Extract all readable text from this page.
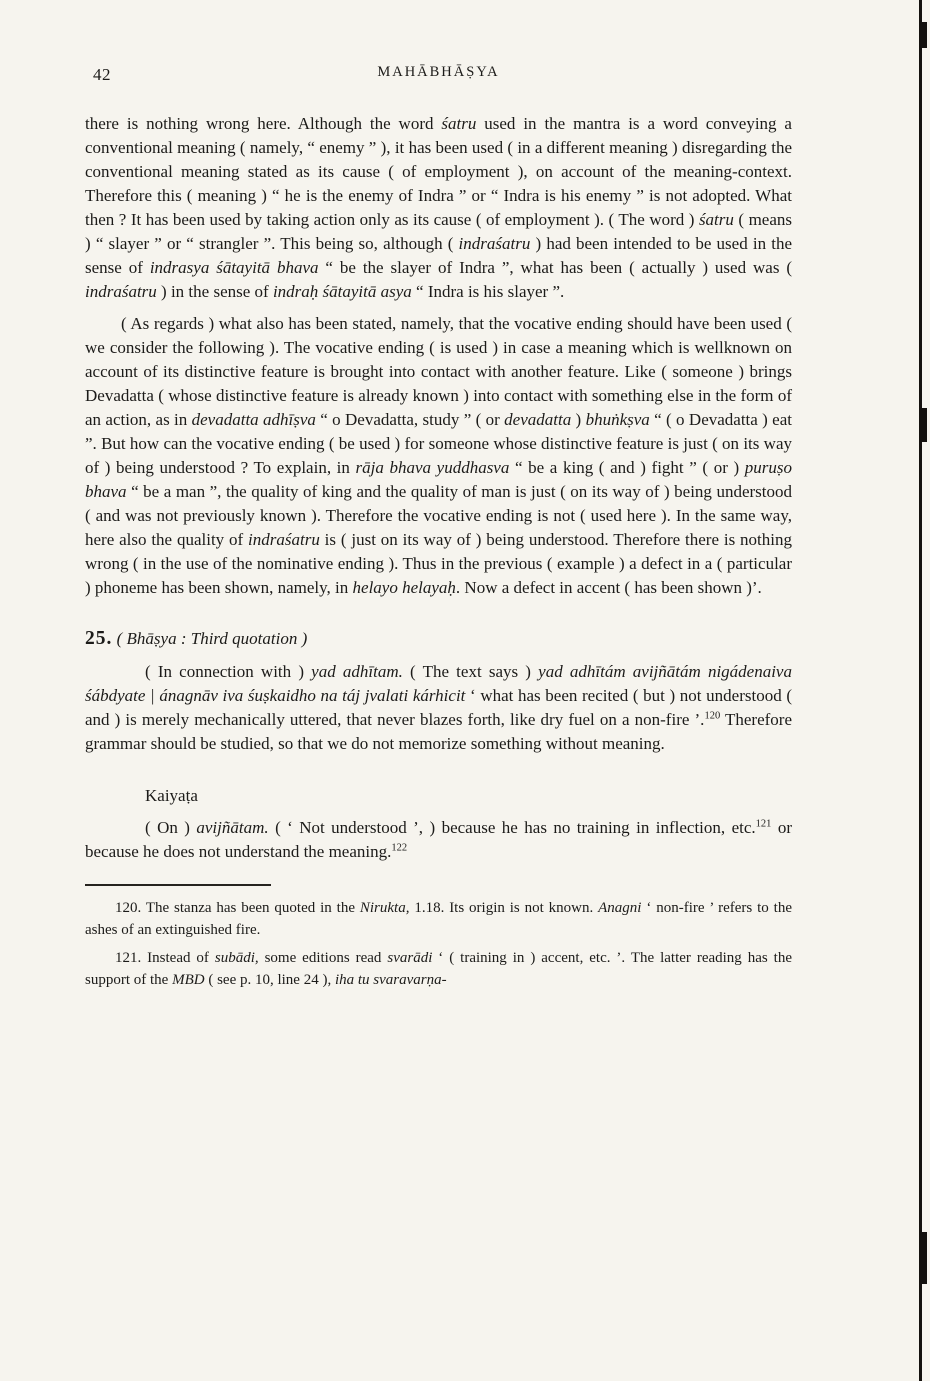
42	MAHĀBHĀṢYA

there is nothing wrong here. Although the word śatru used in the mantra is a word conveying a conventional meaning ( namely, “ enemy ” ), it has been used ( in a different meaning ) disregarding the conventional meaning stated as its cause ( of employment ), on account of the meaning-context. Therefore this ( meaning ) “ he is the enemy of Indra ” or “ Indra is his enemy ” is not adopted. What then ? It has been used by taking action only as its cause ( of employment ). ( The word ) śatru ( means ) “ slayer ” or “ strangler ”. This being so, although ( indraśatru ) had been intended to be used in the sense of indrasya śātayitā bhava “ be the slayer of Indra ”, what has been ( actually ) used was ( indraśatru ) in the sense of indraḥ śātayitā asya “ Indra is his slayer ”.

( As regards ) what also has been stated, namely, that the vocative ending should have been used ( we consider the following ). The vocative ending ( is used ) in case a meaning which is wellknown on account of its distinctive feature is brought into contact with another feature. Like ( someone ) brings Devadatta ( whose distinctive feature is already known ) into contact with something else in the form of an action, as in devadatta adhīṣva “ o Devadatta, study ” ( or devadatta ) bhuṅkṣva “ ( o Devadatta ) eat ”. But how can the vocative ending ( be used ) for someone whose distinctive feature is just ( on its way of ) being understood ? To explain, in rāja bhava yuddhasva “ be a king ( and ) fight ” ( or ) puruṣo bhava “ be a man ”, the quality of king and the quality of man is just ( on its way of ) being understood ( and was not previously known ). Therefore the vocative ending is not ( used here ). In the same way, here also the quality of indraśatru is ( just on its way of ) being understood. Therefore there is nothing wrong ( in the use of the nominative ending ). Thus in the previous ( example ) a defect in a ( particular ) phoneme has been shown, namely, in helayo helayaḥ. Now a defect in accent ( has been shown )’.

25. ( Bhāṣya : Third quotation )

( In connection with ) yad adhītam. ( The text says ) yad adhītám avijñātám nigádenaiva śábdyate | ánagnāv iva śuṣkaidho na táj jvalati kárhicit ‘ what has been recited ( but ) not understood ( and ) is merely mechanically uttered, that never blazes forth, like dry fuel on a non-fire ’.$^{120}$ Therefore grammar should be studied, so that we do not memorize something without meaning.

Kaiyaṭa

( On ) avijñātam. ( ‘ Not understood ’, ) because he has no training in inflection, etc.$^{121}$ or because he does not understand the meaning.$^{122}$

120. The stanza has been quoted in the Nirukta, 1.18. Its origin is not known. Anagni ‘ non-fire ’ refers to the ashes of an extinguished fire.

121. Instead of subādi, some editions read svarādi ‘ ( training in ) accent, etc. ’. The latter reading has the support of the MBD ( see p. 10, line 24 ), iha tu svaravarṇa-
